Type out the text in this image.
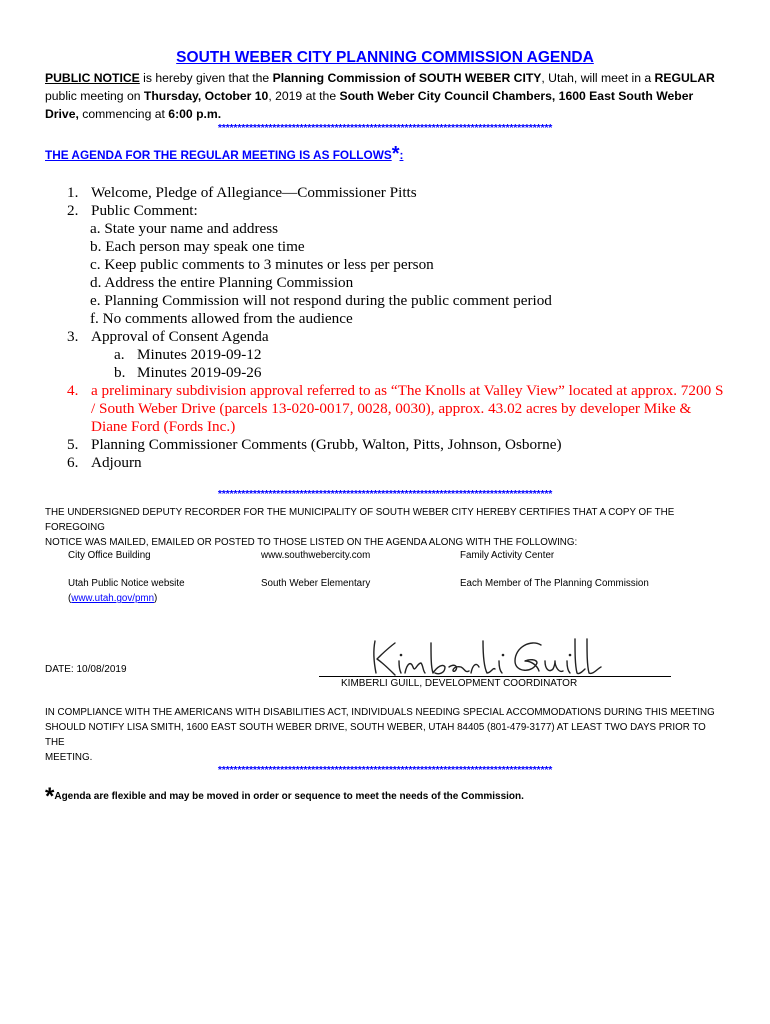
SOUTH WEBER CITY PLANNING COMMISSION AGENDA
PUBLIC NOTICE is hereby given that the Planning Commission of SOUTH WEBER CITY, Utah, will meet in a REGULAR public meeting on Thursday, October 10, 2019 at the South Weber City Council Chambers, 1600 East South Weber Drive, commencing at 6:00 p.m.
**************************************************************************************
THE AGENDA FOR THE REGULAR MEETING IS AS FOLLOWS*:
1. Welcome, Pledge of Allegiance—Commissioner Pitts
2. Public Comment:
a. State your name and address
b. Each person may speak one time
c. Keep public comments to 3 minutes or less per person
d. Address the entire Planning Commission
e. Planning Commission will not respond during the public comment period
f. No comments allowed from the audience
3. Approval of Consent Agenda
a. Minutes 2019-09-12
b. Minutes 2019-09-26
4. a preliminary subdivision approval referred to as “The Knolls at Valley View” located at approx. 7200 S
/ South Weber Drive (parcels 13-020-0017, 0028, 0030), approx. 43.02 acres by developer Mike &
Diane Ford (Fords Inc.)
5. Planning Commissioner Comments (Grubb, Walton, Pitts, Johnson, Osborne)
6. Adjourn
**************************************************************************************
THE UNDERSIGNED DEPUTY RECORDER FOR THE MUNICIPALITY OF SOUTH WEBER CITY HEREBY CERTIFIES THAT A COPY OF THE FOREGOING
NOTICE WAS MAILED, EMAILED OR POSTED TO THOSE LISTED ON THE AGENDA ALONG WITH THE FOLLOWING:
City Office Building	www.southwebercity.com	Family Activity Center
Utah Public Notice website
(www.utah.gov/pmn)
South Weber Elementary	Each Member of The Planning Commission
DATE: 10/08/2019
KIMBERLI GUILL, DEVELOPMENT COORDINATOR
IN COMPLIANCE WITH THE AMERICANS WITH DISABILITIES ACT, INDIVIDUALS NEEDING SPECIAL ACCOMMODATIONS DURING THIS MEETING
SHOULD NOTIFY LISA SMITH, 1600 EAST SOUTH WEBER DRIVE, SOUTH WEBER, UTAH 84405 (801-479-3177) AT LEAST TWO DAYS PRIOR TO THE
MEETING.
**************************************************************************************
*Agenda are flexible and may be moved in order or sequence to meet the needs of the Commission.
